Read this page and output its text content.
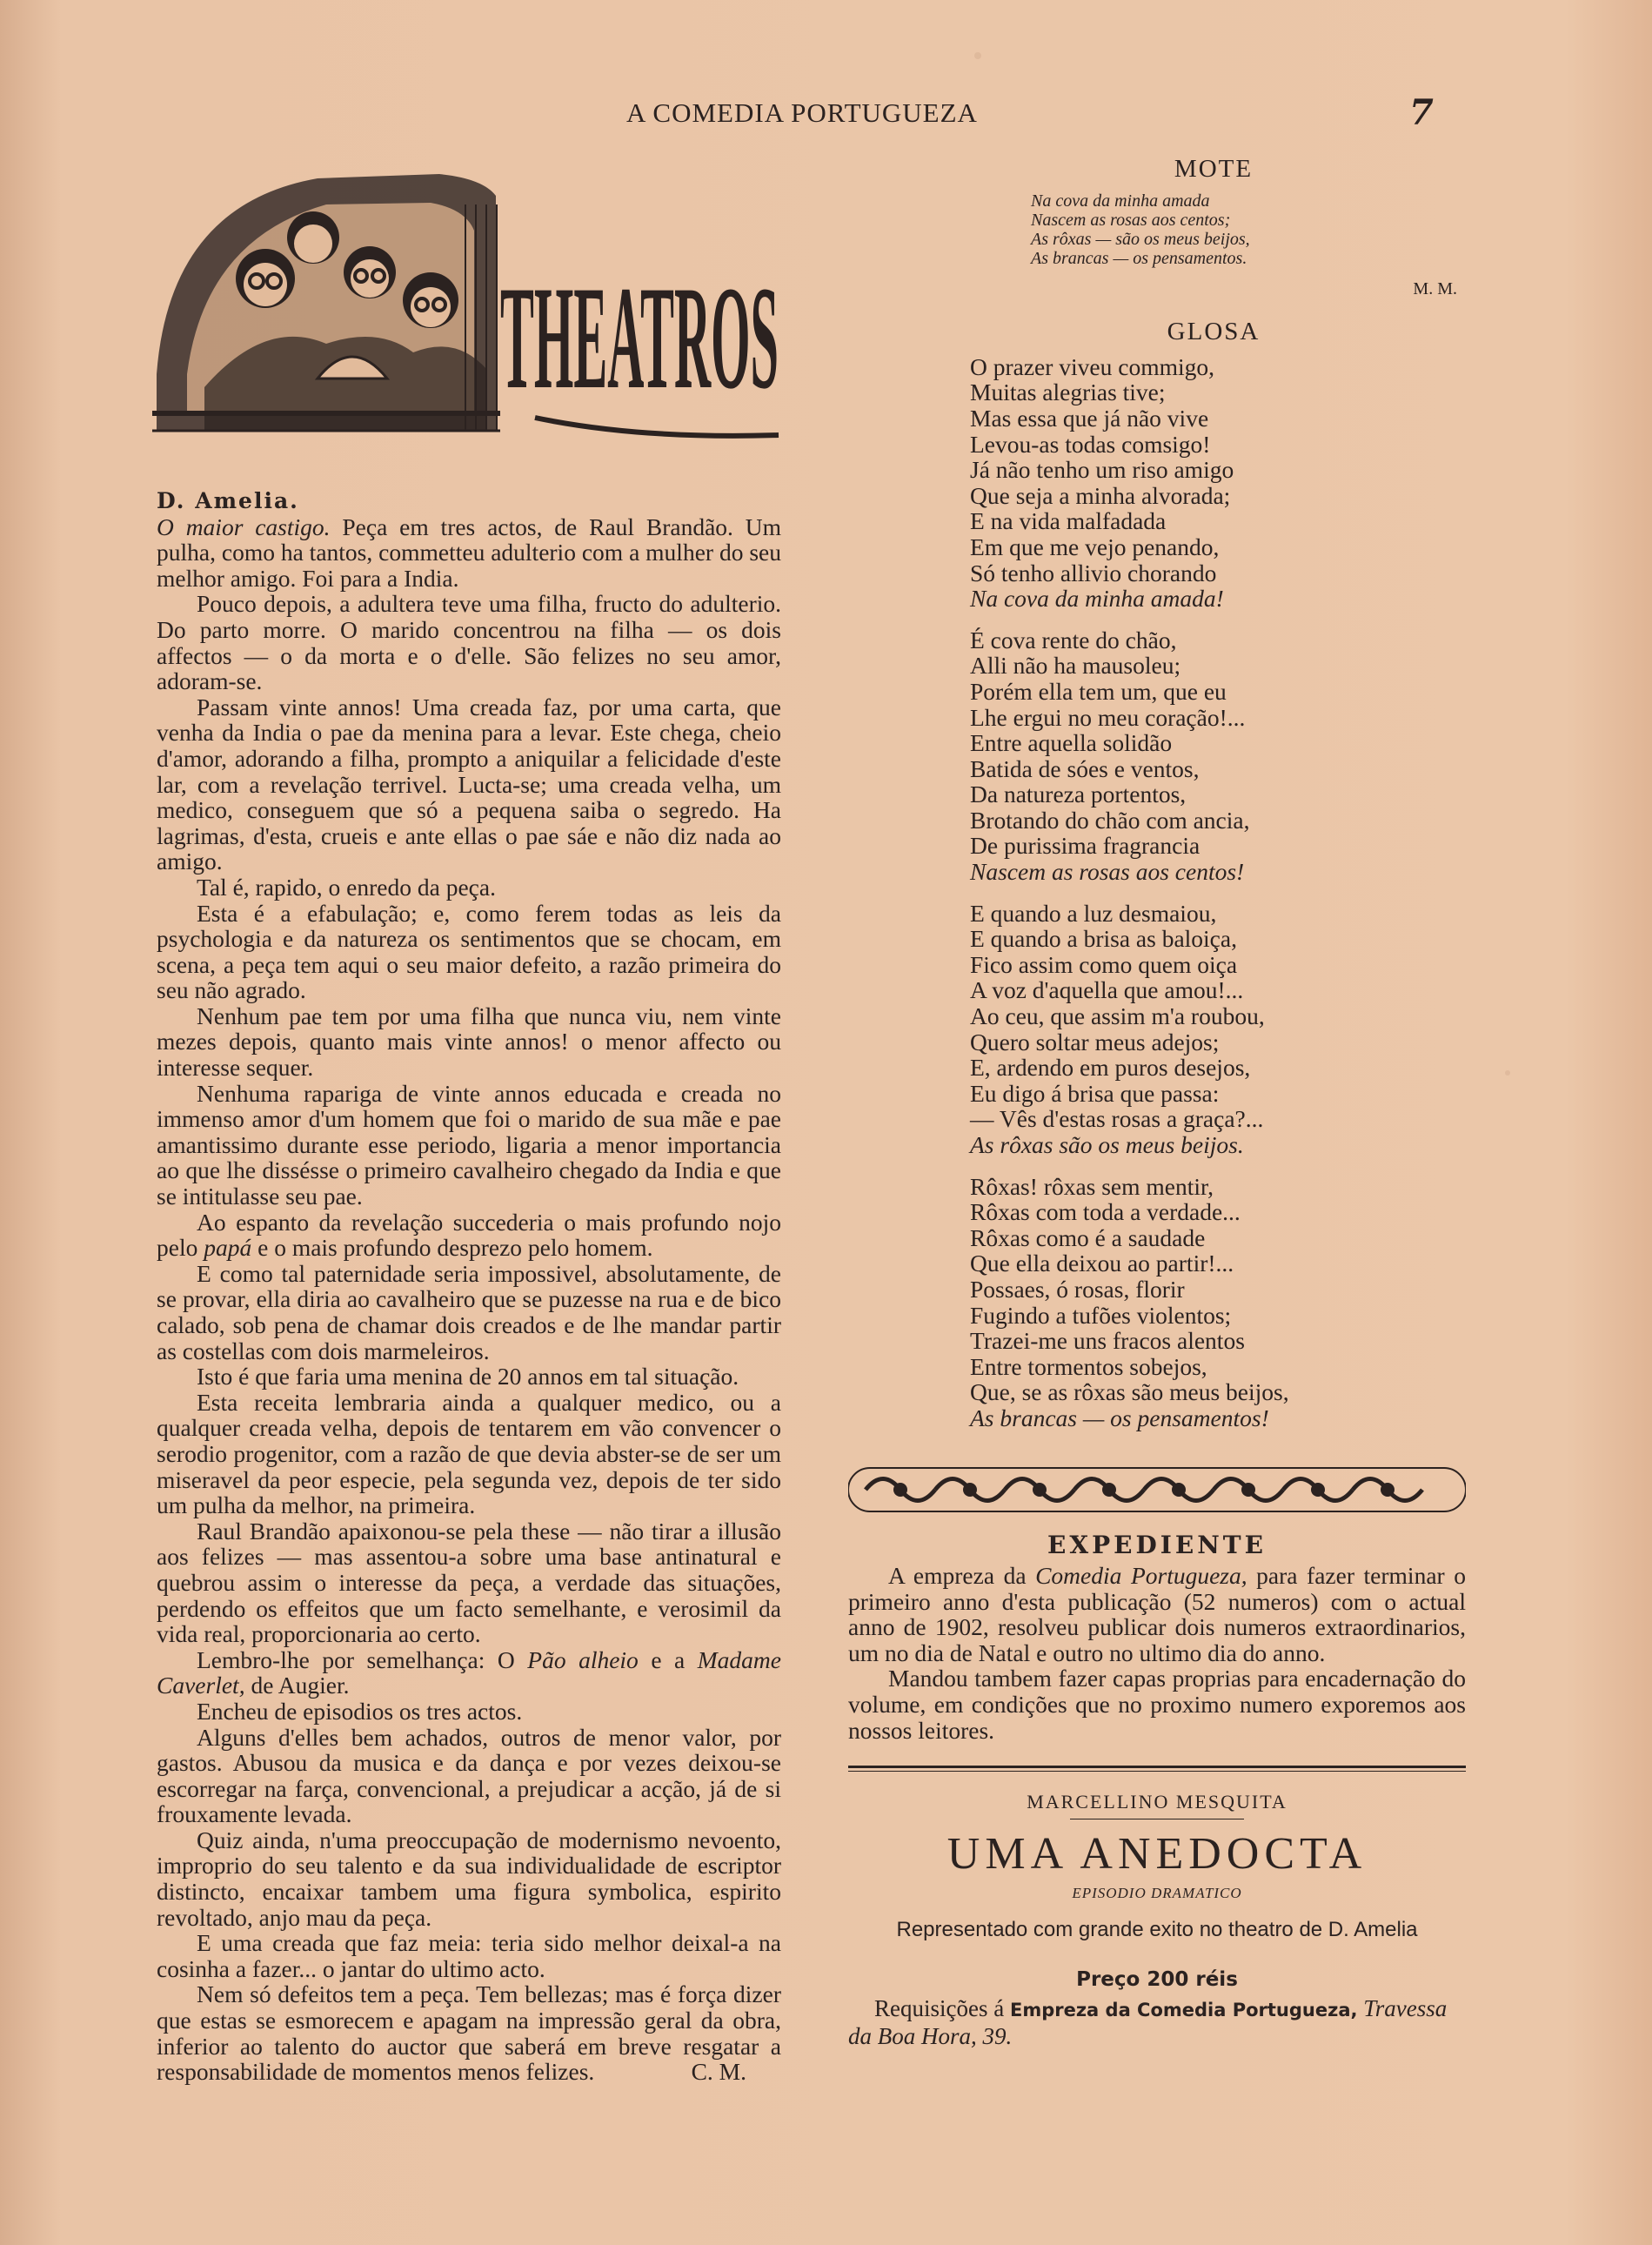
A COMEDIA PORTUGUEZA	7
THEATROS

D. Amelia.

O maior castigo. Peça em tres actos, de Raul Brandão. Um pulha, como ha tantos, commetteu adulterio com a mulher do seu melhor amigo. Foi para a India.

Pouco depois, a adultera teve uma filha, fructo do adulterio. Do parto morre. O marido concentrou na filha — os dois affectos — o da morta e o d'elle. São felizes no seu amor, adoram-se.

Passam vinte annos! Uma creada faz, por uma carta, que venha da India o pae da menina para a levar. Este chega, cheio d'amor, adorando a filha, prompto a aniquilar a felicidade d'este lar, com a revelação terrivel. Lucta-se; uma creada velha, um medico, conseguem que só a pequena saiba o segredo. Ha lagrimas, d'esta, crueis e ante ellas o pae sáe e não diz nada ao amigo.

Tal é, rapido, o enredo da peça.

Esta é a efabulação; e, como ferem todas as leis da psychologia e da natureza os sentimentos que se chocam, em scena, a peça tem aqui o seu maior defeito, a razão primeira do seu não agrado.

Nenhum pae tem por uma filha que nunca viu, nem vinte mezes depois, quanto mais vinte annos! o menor affecto ou interesse sequer.

Nenhuma rapariga de vinte annos educada e creada no immenso amor d'um homem que foi o marido de sua mãe e pae amantissimo durante esse periodo, ligaria a menor importancia ao que lhe dissésse o primeiro cavalheiro chegado da India e que se intitulasse seu pae.

Ao espanto da revelação succederia o mais profundo nojo pelo papá e o mais profundo desprezo pelo homem.

E como tal paternidade seria impossivel, absolutamente, de se provar, ella diria ao cavalheiro que se puzesse na rua e de bico calado, sob pena de chamar dois creados e de lhe mandar partir as costellas com dois marmeleiros.

Isto é que faria uma menina de 20 annos em tal situação.

Esta receita lembraria ainda a qualquer medico, ou a qualquer creada velha, depois de tentarem em vão convencer o serodio progenitor, com a razão de que devia abster-se de ser um miseravel da peor especie, pela segunda vez, depois de ter sido um pulha da melhor, na primeira.

Raul Brandão apaixonou-se pela these — não tirar a illusão aos felizes — mas assentou-a sobre uma base antinatural e quebrou assim o interesse da peça, a verdade das situações, perdendo os effeitos que um facto semelhante, e verosimil da vida real, proporcionaria ao certo.

Lembro-lhe por semelhança: O Pão alheio e a Madame Caverlet, de Augier.

Encheu de episodios os tres actos.

Alguns d'elles bem achados, outros de menor valor, por gastos. Abusou da musica e da dança e por vezes deixou-se escorregar na farça, convencional, a prejudicar a acção, já de si frouxamente levada.

Quiz ainda, n'uma preoccupação de modernismo nevoento, improprio do seu talento e da sua individualidade de escriptor distincto, encaixar tambem uma figura symbolica, espirito revoltado, anjo mau da peça.

E uma creada que faz meia: teria sido melhor deixal-a na cosinha a fazer... o jantar do ultimo acto.

Nem só defeitos tem a peça. Tem bellezas; mas é força dizer que estas se esmorecem e apagam na impressão geral da obra, inferior ao talento do auctor que saberá em breve resgatar a responsabilidade de momentos menos felizes.	C. M.

MOTE
Na cova da minha amada
Nascem as rosas aos centos;
As rôxas — são os meus beijos,
As brancas — os pensamentos.
M. M.
GLOSA
O prazer viveu commigo,
Muitas alegrias tive;
Mas essa que já não vive
Levou-as todas comsigo!
Já não tenho um riso amigo
Que seja a minha alvorada;
E na vida malfadada
Em que me vejo penando,
Só tenho allivio chorando
Na cova da minha amada!
É cova rente do chão,
Alli não ha mausoleu;
Porém ella tem um, que eu
Lhe ergui no meu coração!...
Entre aquella solidão
Batida de sóes e ventos,
Da natureza portentos,
Brotando do chão com ancia,
De purissima fragrancia
Nascem as rosas aos centos!
E quando a luz desmaiou,
E quando a brisa as baloiça,
Fico assim como quem oiça
A voz d'aquella que amou!...
Ao ceu, que assim m'a roubou,
Quero soltar meus adejos;
E, ardendo em puros desejos,
Eu digo á brisa que passa:
— Vês d'estas rosas a graça?...
As rôxas são os meus beijos.
Rôxas! rôxas sem mentir,
Rôxas com toda a verdade...
Rôxas como é a saudade
Que ella deixou ao partir!...
Possaes, ó rosas, florir
Fugindo a tufões violentos;
Trazei-me uns fracos alentos
Entre tormentos sobejos,
Que, se as rôxas são meus beijos,
As brancas — os pensamentos!
EXPEDIENTE

A empreza da Comedia Portugueza, para fazer terminar o primeiro anno d'esta publicação (52 numeros) com o actual anno de 1902, resolveu publicar dois numeros extraordinarios, um no dia de Natal e outro no ultimo dia do anno.

Mandou tambem fazer capas proprias para encadernação do volume, em condições que no proximo numero exporemos aos nossos leitores.

MARCELLINO MESQUITA
UMA ANEDOCTA
EPISODIO DRAMATICO
Representado com grande exito no theatro de D. Amelia
Preço 200 réis
Requisições á Empreza da Comedia Portugueza, Travessa da Boa Hora, 39.
